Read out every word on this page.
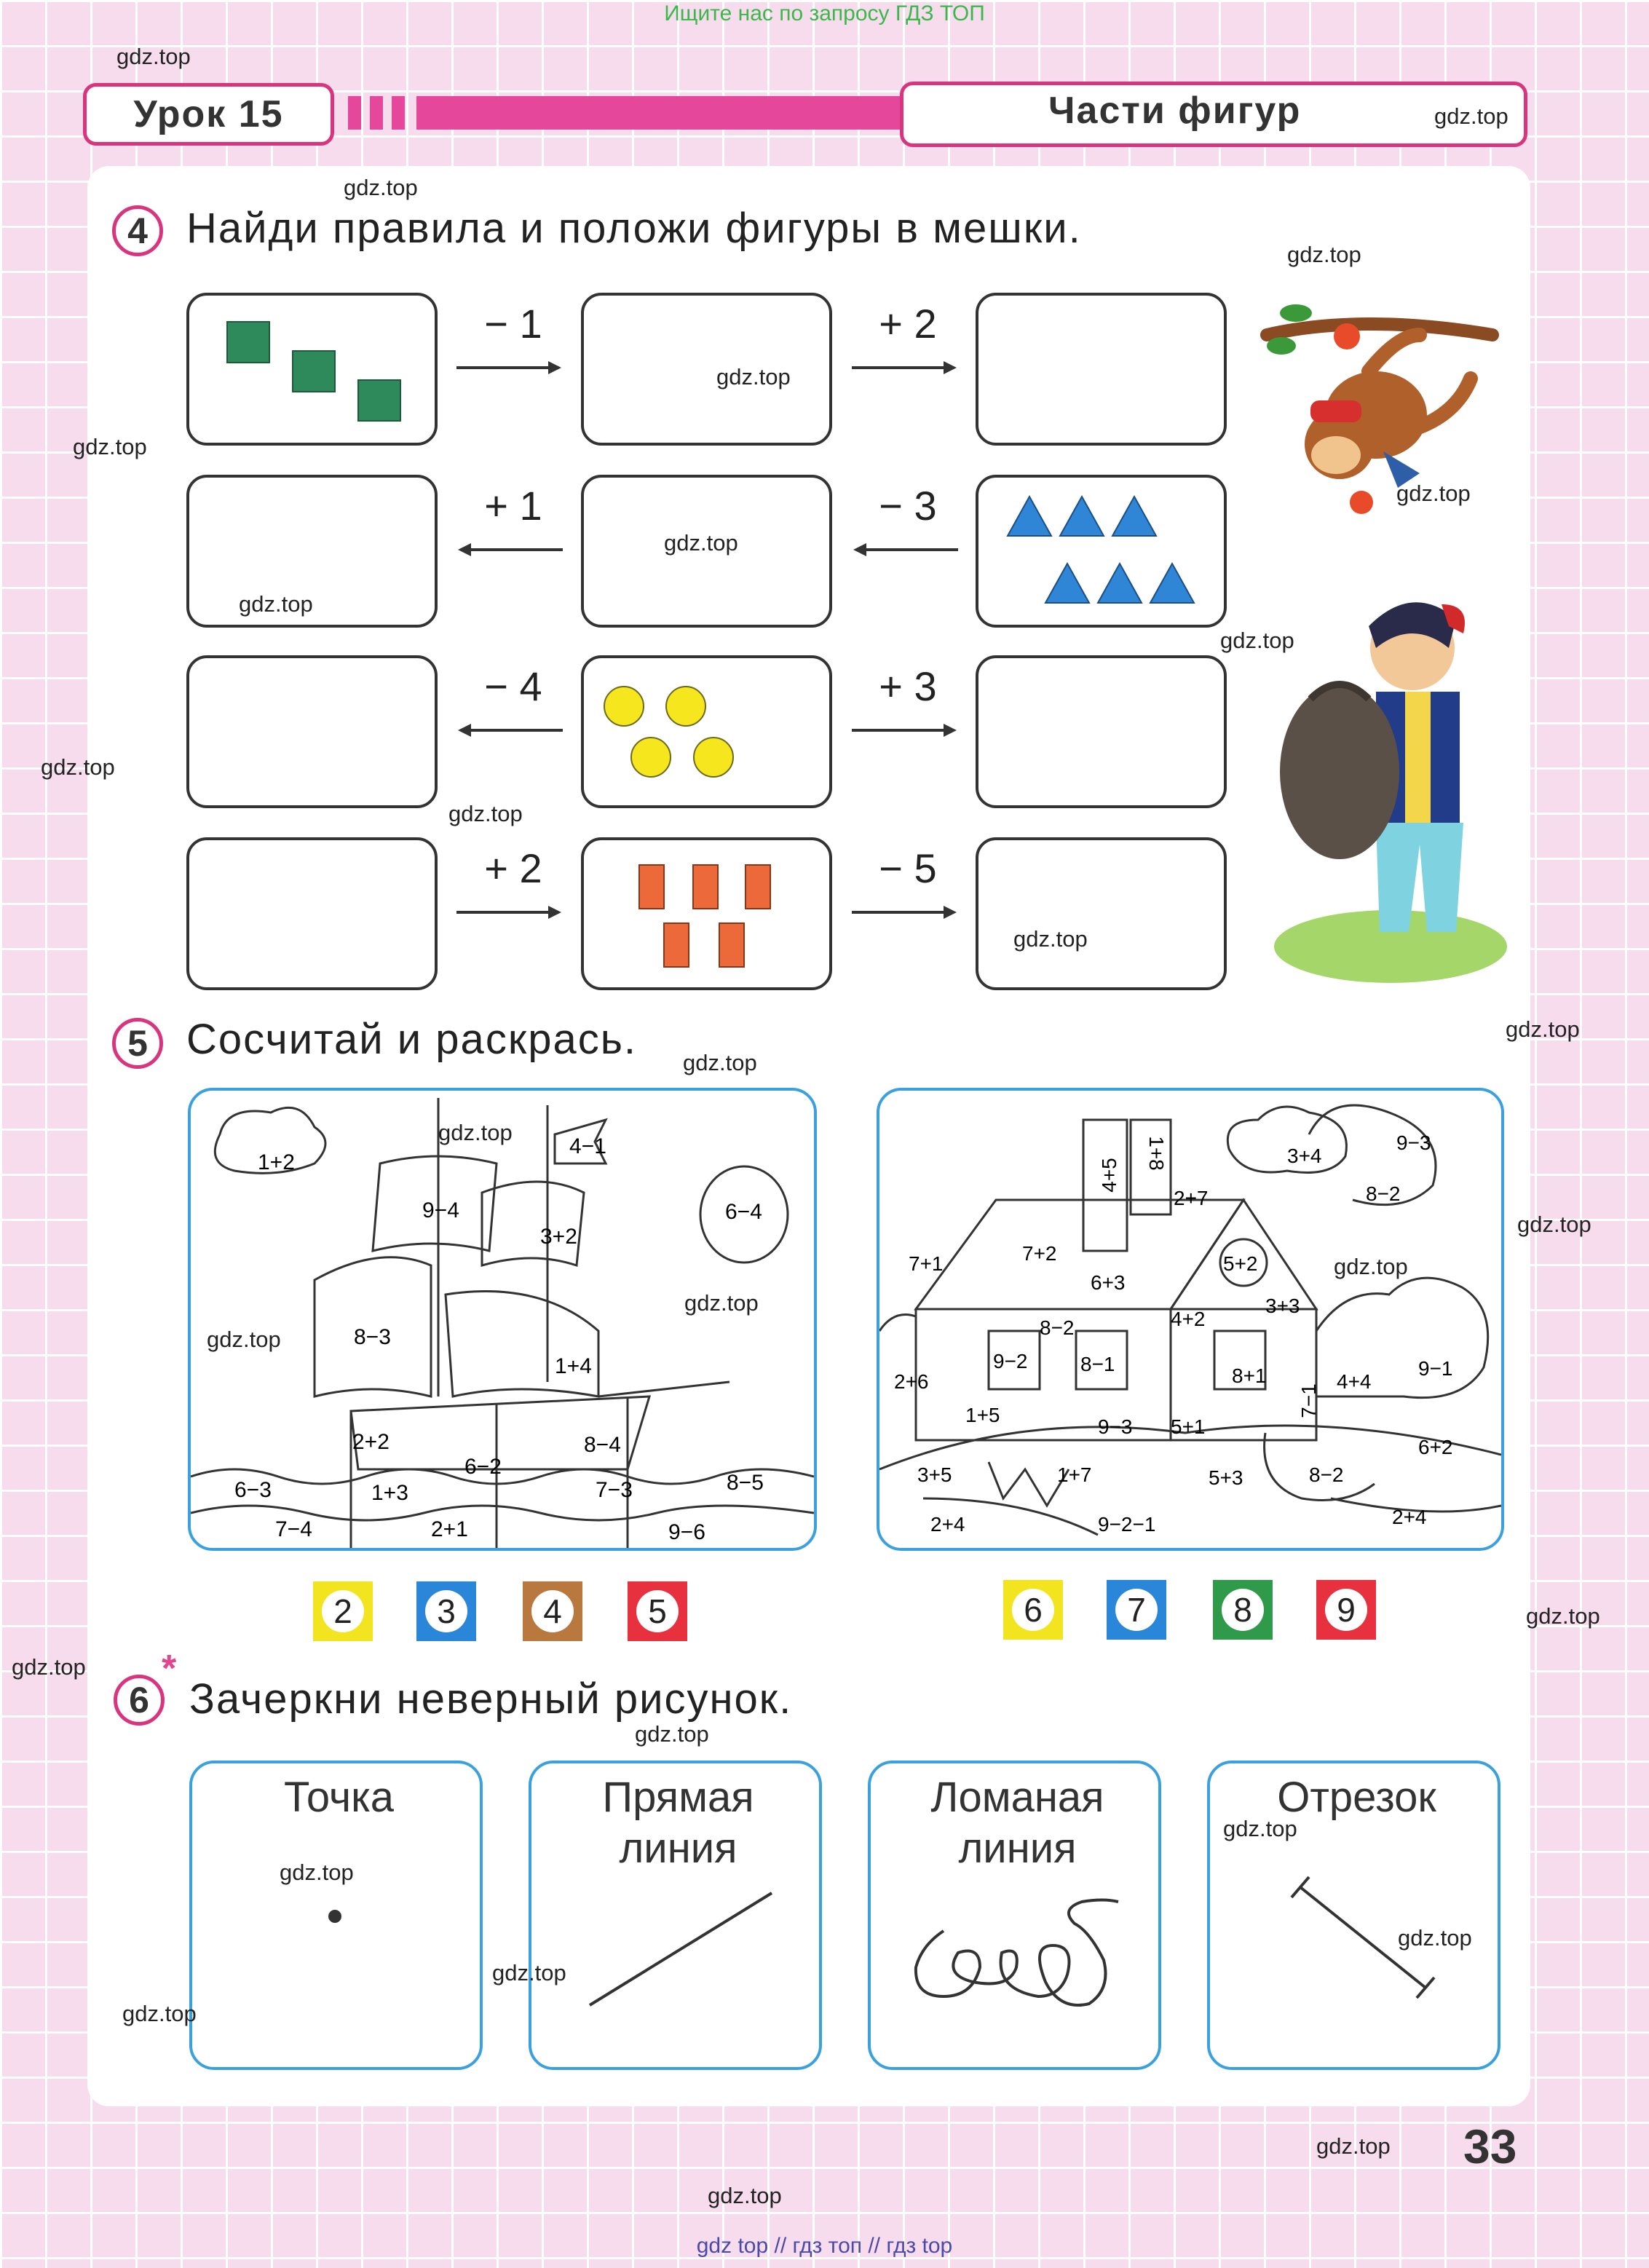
Ищите нас по запросу ГДЗ ТОП
Урок 15	Части фигур
4 Найди правила и положи фигуры в мешки.
− 1	+ 2
+ 1	− 3
− 4	+ 3
+ 2	− 5
5 Сосчитай и раскрась.
1+2
4−1
9−4
3+2
6−4
8−3
1+4
2+2
6−2
8−4
6−3	1+3	7−3	8−5
7−4	2+1	9−6
4+5
1+8	3+4
9−3
8−2
2+7
7+2
7+1
6+3
5+2
3+3
4+2
8−2
9−2	8−1
8+1
2+6	4+4
9−1
7−1
1+5
9−3 5+1
6+2
3+5	1+7	5+3	8−2
2+4	9−2−1	2+4
2	3	4	5	6	7	8	9
6
*
Зачеркни неверный рисунок.
Точка	Прямая
линия
Ломаная
линия
Отрезок
33
gdz.top
gdz.top
gdz.top
gdz.top
gdz.top
gdz.top
gdz.top
gdz.top
gdz.top
gdz.top
gdz.top
gdz.top
gdz.top
gdz.top
gdz.top
gdz.top
gdz.top
gdz.top
gdz.top
gdz.top
gdz.top
gdz.top
gdz.top
gdz.top
gdz.top
gdz.top
gdz.top
gdz.top
gdz.top
gdz.top
gdz top // гдз топ // гдз top
